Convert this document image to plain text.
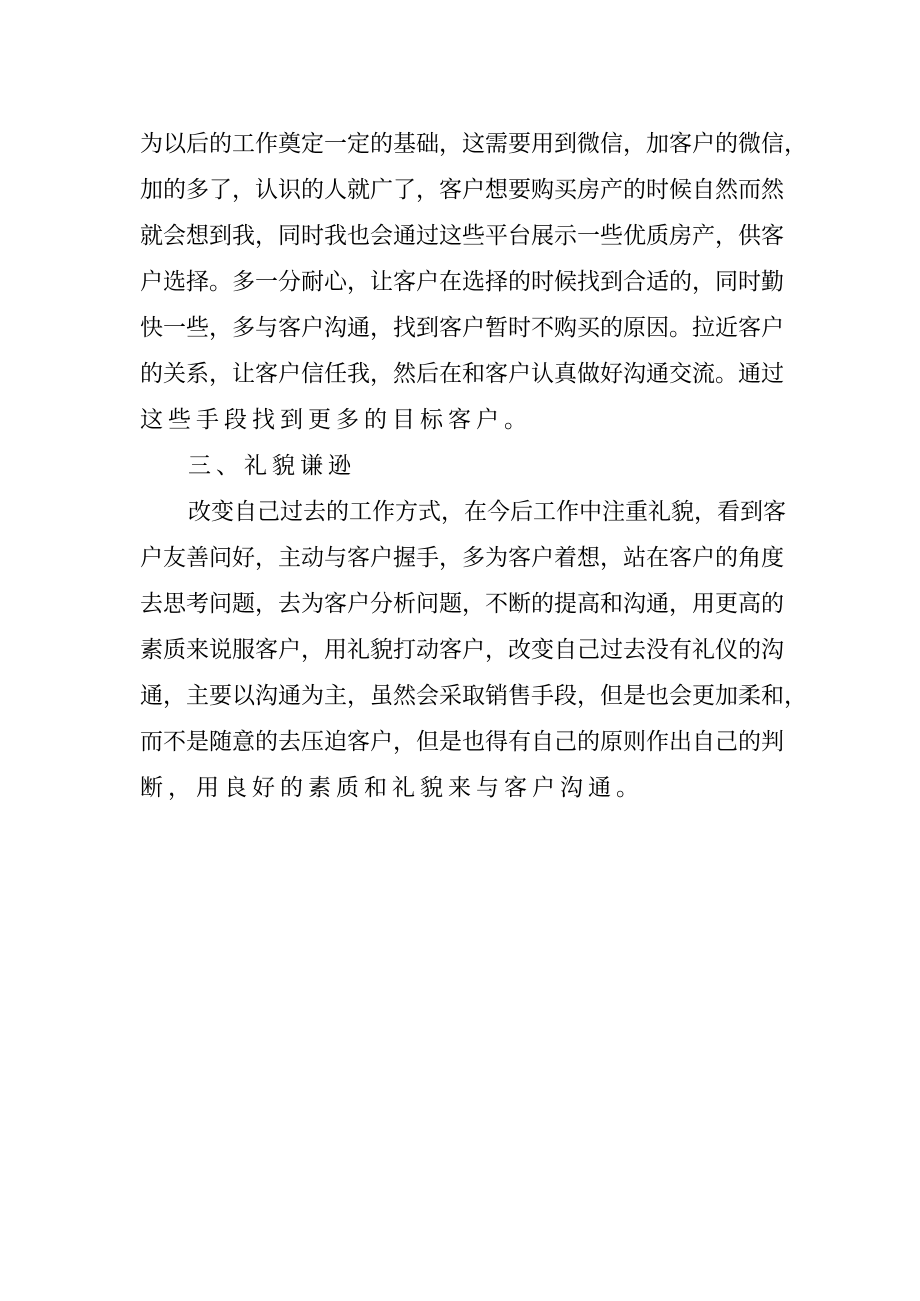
为以后的工作奠定一定的基础，这需要用到微信，加客户的微信，
加的多了，认识的人就广了，客户想要购买房产的时候自然而然
就会想到我，同时我也会通过这些平台展示一些优质房产，供客
户选择。多一分耐心，让客户在选择的时候找到合适的，同时勤
快一些，多与客户沟通，找到客户暂时不购买的原因。拉近客户
的关系，让客户信任我，然后在和客户认真做好沟通交流。通过
这些手段找到更多的目标客户。
三、礼貌谦逊
改变自己过去的工作方式，在今后工作中注重礼貌，看到客
户友善问好，主动与客户握手，多为客户着想，站在客户的角度
去思考问题，去为客户分析问题，不断的提高和沟通，用更高的
素质来说服客户，用礼貌打动客户，改变自己过去没有礼仪的沟
通，主要以沟通为主，虽然会采取销售手段，但是也会更加柔和，
而不是随意的去压迫客户，但是也得有自己的原则作出自己的判
断，用良好的素质和礼貌来与客户沟通。
